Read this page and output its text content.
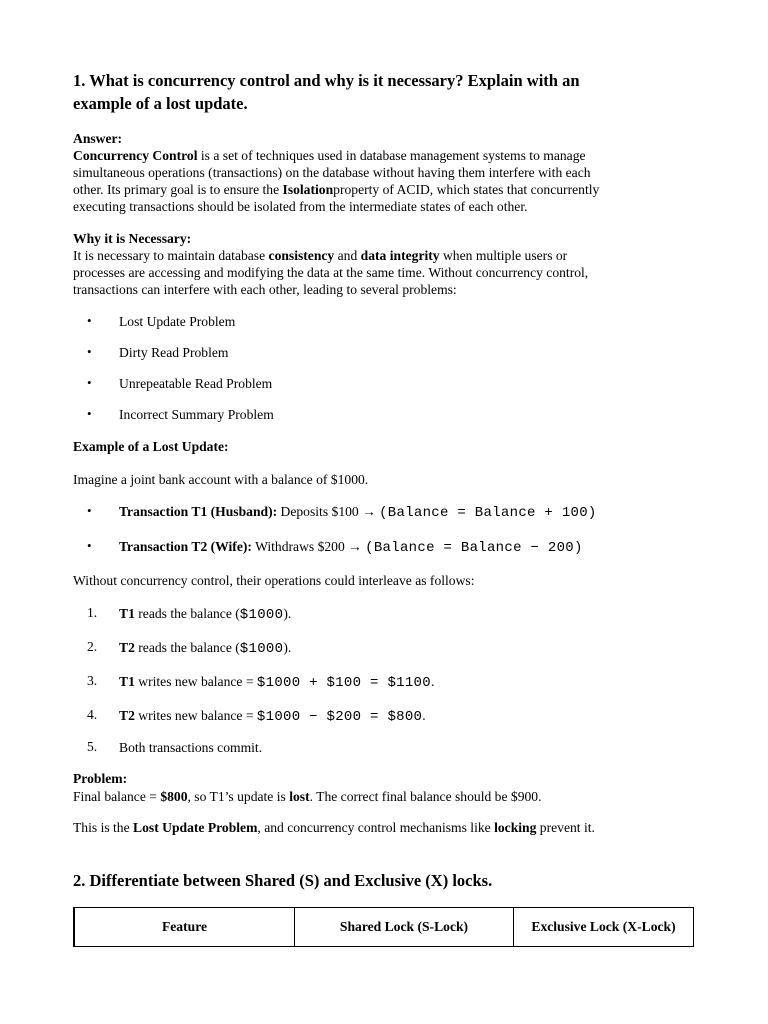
1. What is concurrency control and why is it necessary? Explain with an
example of a lost update.
Answer:
Concurrency Control is a set of techniques used in database management systems to manage
simultaneous operations (transactions) on the database without having them interfere with each
other. Its primary goal is to ensure the Isolationproperty of ACID, which states that concurrently
executing transactions should be isolated from the intermediate states of each other.
Why it is Necessary:
It is necessary to maintain database consistency and data integrity when multiple users or
processes are accessing and modifying the data at the same time. Without concurrency control,
transactions can interfere with each other, leading to several problems:
• Lost Update Problem
• Dirty Read Problem
• Unrepeatable Read Problem
• Incorrect Summary Problem
Example of a Lost Update:
Imagine a joint bank account with a balance of $1000.
• Transaction T1 (Husband): Deposits $100 → (Balance = Balance + 100)
• Transaction T2 (Wife): Withdraws $200 → (Balance = Balance − 200)
Without concurrency control, their operations could interleave as follows:
1. T1 reads the balance ($1000).
2. T2 reads the balance ($1000).
3. T1 writes new balance = $1000 + $100 = $1100.
4. T2 writes new balance = $1000 − $200 = $800.
5. Both transactions commit.
Problem:
Final balance = $800, so T1’s update is lost. The correct final balance should be $900.
This is the Lost Update Problem, and concurrency control mechanisms like locking prevent it.
2. Differentiate between Shared (S) and Exclusive (X) locks.
Feature	Shared Lock (S-Lock)	Exclusive Lock (X-Lock)
